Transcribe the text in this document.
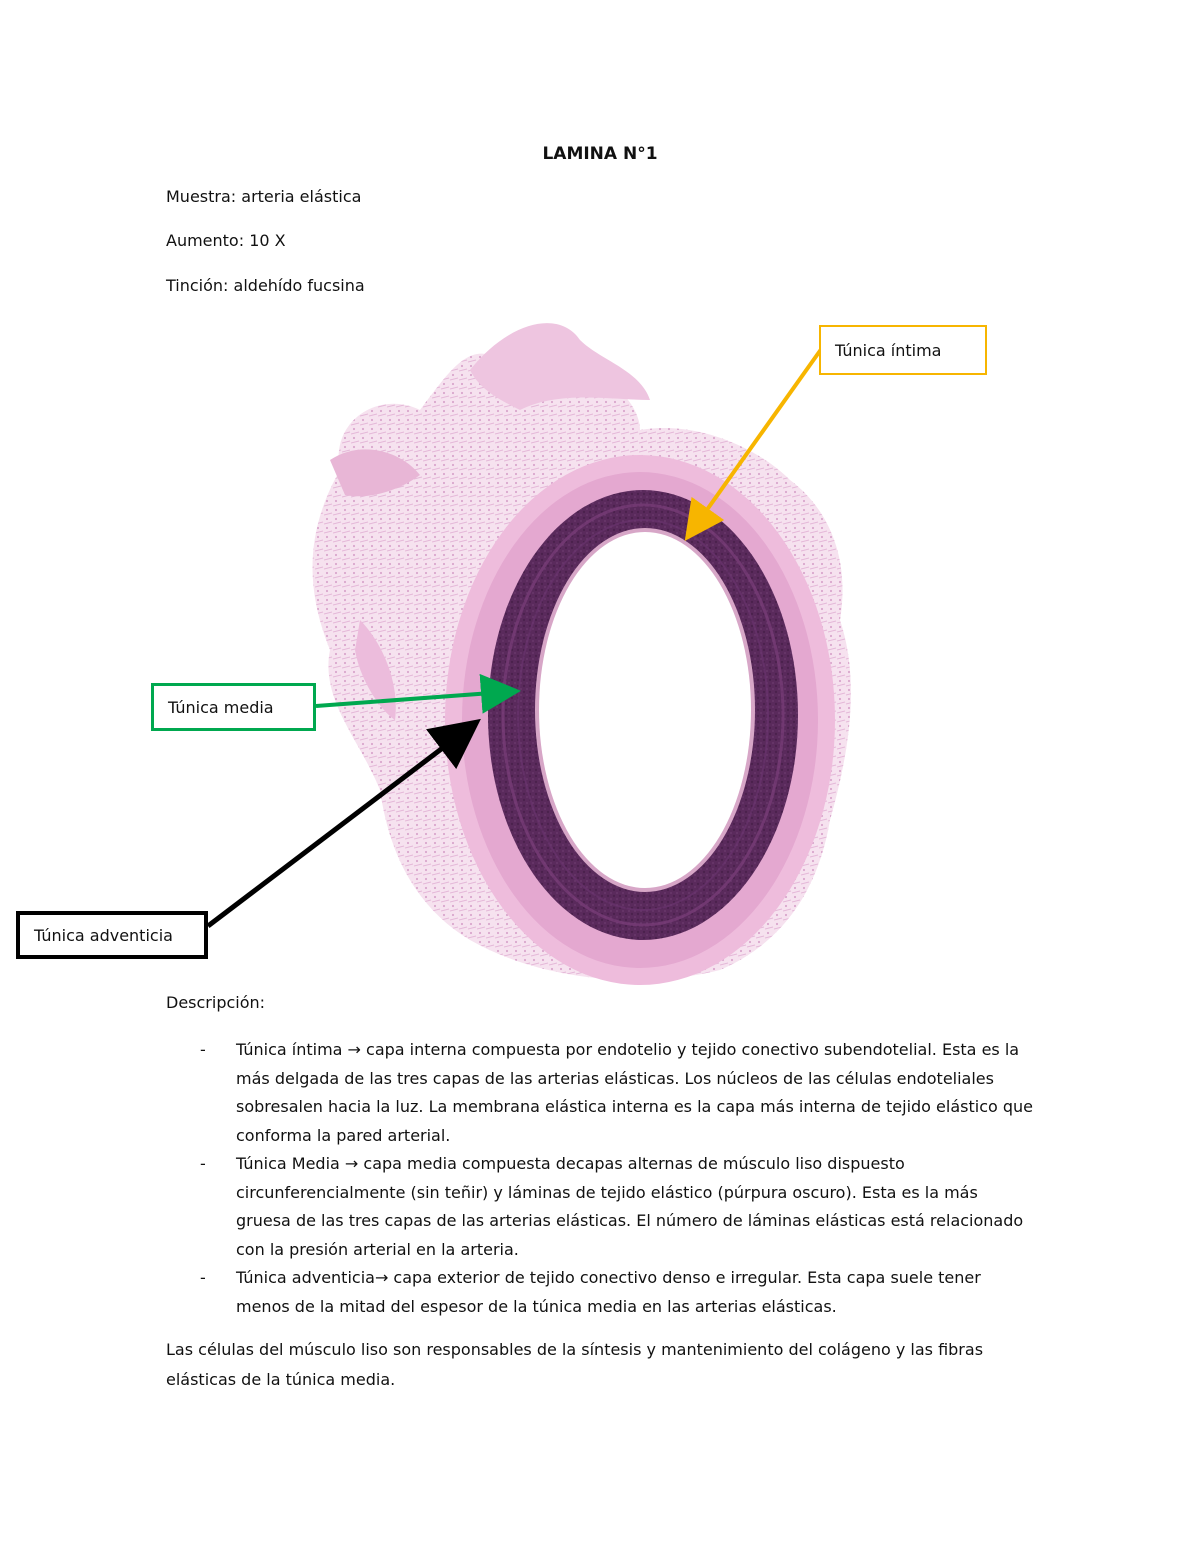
LAMINA N°1
Muestra: arteria elástica
Aumento: 10 X
Tinción: aldehído fucsina
Túnica íntima
Túnica media
Túnica adventicia
Descripción:
- Túnica íntima → capa interna compuesta por endotelio y tejido conectivo subendotelial. Esta es la más delgada de las tres capas de las arterias elásticas. Los núcleos de las células endoteliales sobresalen hacia la luz. La membrana elástica interna es la capa más interna de tejido elástico que conforma la pared arterial.
- Túnica Media → capa media compuesta decapas alternas de músculo liso dispuesto circunferencialmente (sin teñir) y láminas de tejido elástico (púrpura oscuro). Esta es la más gruesa de las tres capas de las arterias elásticas. El número de láminas elásticas está relacionado con la presión arterial en la arteria.
- Túnica adventicia→ capa exterior de tejido conectivo denso e irregular. Esta capa suele tener menos de la mitad del espesor de la túnica media en las arterias elásticas.
Las células del músculo liso son responsables de la síntesis y mantenimiento del colágeno y las fibras elásticas de la túnica media.
